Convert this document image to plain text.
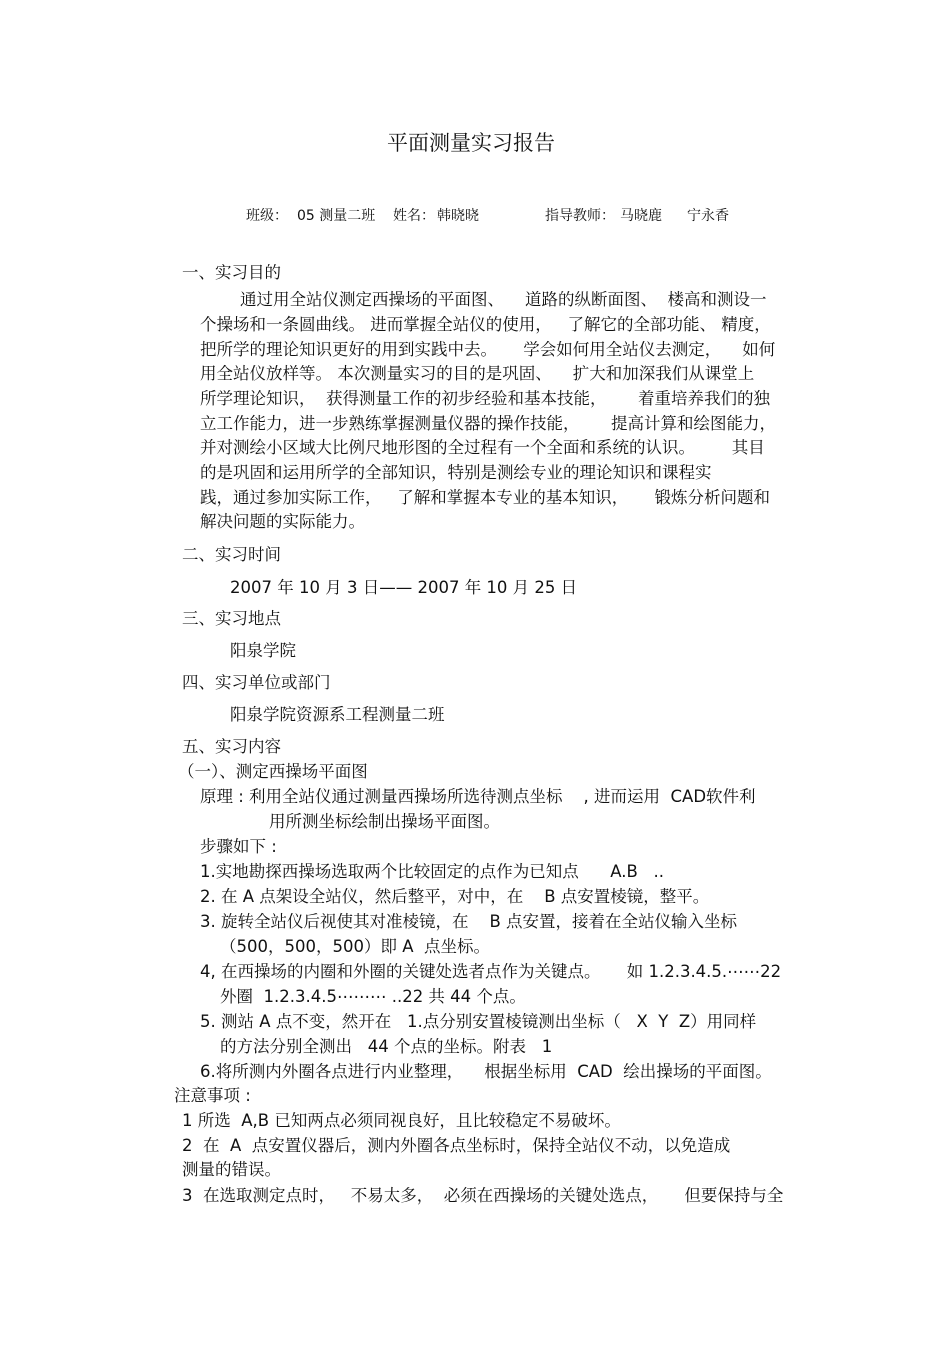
平面测量实习报告
班级： 05 测量二班 姓名： 韩晓晓	指导教师： 马晓鹿 宁永香
一、实习目的
通过用全站仪测定西操场的平面图、    道路的纵断面图、  楼高和测设一
个操场和一条圆曲线。 进而掌握全站仪的使用，   了解它的全部功能、 精度，
把所学的理论知识更好的用到实践中去。     学会如何用全站仪去测定，    如何
用全站仪放样等。 本次测量实习的目的是巩固、    扩大和加深我们从课堂上
所学理论知识，  获得测量工作的初步经验和基本技能，      着重培养我们的独
立工作能力，进一步熟练掌握测量仪器的操作技能，      提高计算和绘图能力，
并对测绘小区域大比例尺地形图的全过程有一个全面和系统的认识。       其目
的是巩固和运用所学的全部知识，特别是测绘专业的理论知识和课程实
践，通过参加实际工作，   了解和掌握本专业的基本知识，     锻炼分析问题和
解决问题的实际能力。
二、实习时间
2007 年 10 月 3 日—— 2007 年 10 月 25 日
三、实习地点
阳泉学院
四、实习单位或部门
阳泉学院资源系工程测量二班
五、实习内容
（一）、测定西操场平面图
原理 : 利用全站仪通过测量西操场所选待测点坐标    , 进而运用  CAD软件利
用所测坐标绘制出操场平面图。
步骤如下 :
1.实地勘探西操场选取两个比较固定的点作为已知点      A.B   ..
2. 在 A 点架设全站仪，然后整平，对中，在    B 点安置棱镜，整平。
3. 旋转全站仪后视使其对准棱镜，在    B 点安置，接着在全站仪输入坐标
（500，500，500）即 A  点坐标。
4, 在西操场的内圈和外圈的关键处选者点作为关键点。     如 1.2.3.4.5.⋯⋯22
外圈  1.2.3.4.5⋯⋯⋯ ..22 共 44 个点。
5. 测站 A 点不变，然开在   1.点分别安置棱镜测出坐标（   X  Y  Z）用同样
的方法分别全测出   44 个点的坐标。附表   1
6.将所测内外圈各点进行内业整理，    根据坐标用  CAD  绘出操场的平面图。
注意事项 :
1 所选  A,B 已知两点必须同视良好，且比较稳定不易破坏。
2  在  A  点安置仪器后，测内外圈各点坐标时，保持全站仪不动，以免造成
测量的错误。
3  在选取测定点时，   不易太多，  必须在西操场的关键处选点，     但要保持与全
